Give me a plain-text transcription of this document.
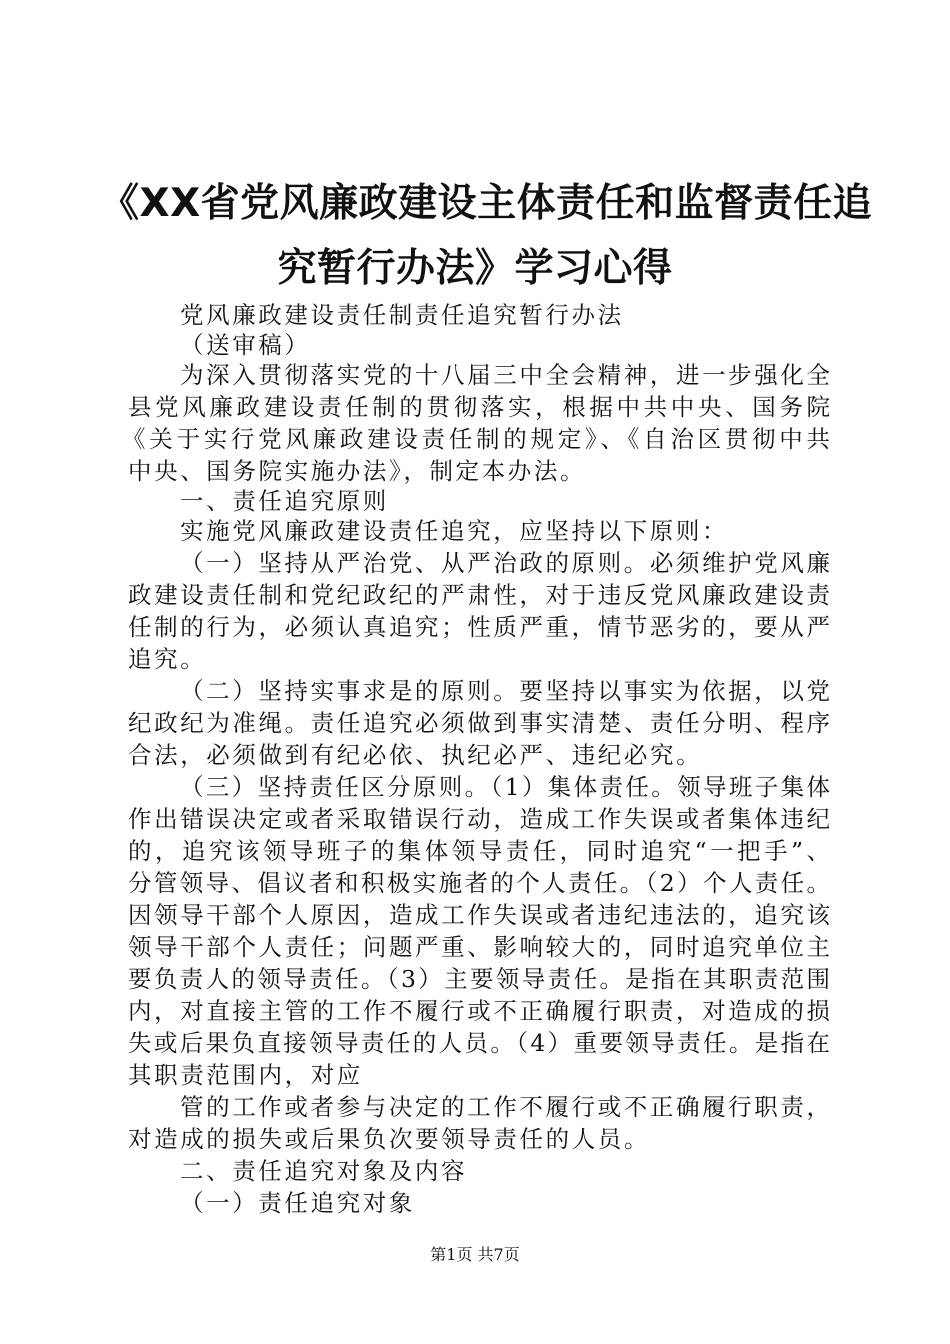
《XX省党风廉政建设主体责任和监督责任追
究暂行办法》学习心得
党风廉政建设责任制责任追究暂行办法
（送审稿）
为深入贯彻落实党的十八届三中全会精神，进一步强化全
县党风廉政建设责任制的贯彻落实，根据中共中央、国务院
《关于实行党风廉政建设责任制的规定》、《自治区贯彻中共
中央、国务院实施办法》，制定本办法。
一、责任追究原则
实施党风廉政建设责任追究，应坚持以下原则：
（一）坚持从严治党、从严治政的原则。必须维护党风廉
政建设责任制和党纪政纪的严肃性，对于违反党风廉政建设责
任制的行为，必须认真追究；性质严重，情节恶劣的，要从严
追究。
（二）坚持实事求是的原则。要坚持以事实为依据，以党
纪政纪为准绳。责任追究必须做到事实清楚、责任分明、程序
合法，必须做到有纪必依、执纪必严、违纪必究。
（三）坚持责任区分原则。（1）集体责任。领导班子集体
作出错误决定或者采取错误行动，造成工作失误或者集体违纪
的，追究该领导班子的集体领导责任，同时追究“一把手”、
分管领导、倡议者和积极实施者的个人责任。（2）个人责任。
因领导干部个人原因，造成工作失误或者违纪违法的，追究该
领导干部个人责任；问题严重、影响较大的，同时追究单位主
要负责人的领导责任。（3）主要领导责任。是指在其职责范围
内，对直接主管的工作不履行或不正确履行职责，对造成的损
失或后果负直接领导责任的人员。（4）重要领导责任。是指在
其职责范围内，对应
管的工作或者参与决定的工作不履行或不正确履行职责，
对造成的损失或后果负次要领导责任的人员。
二、责任追究对象及内容
（一）责任追究对象
第1页 共7页
